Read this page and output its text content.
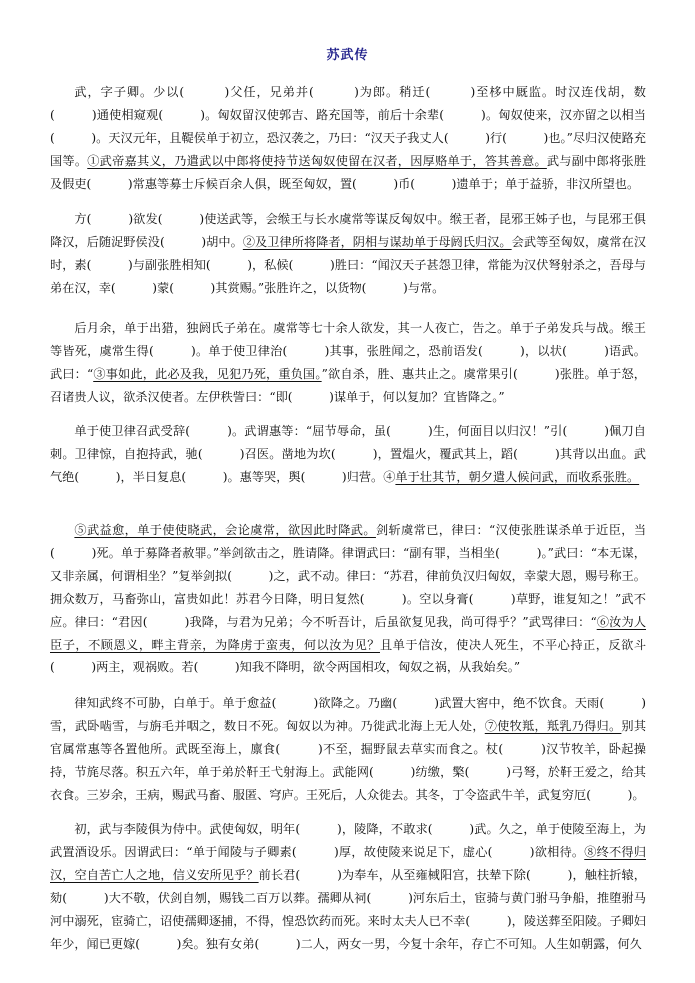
苏武传

武，字子卿。少以(　　　)父任，兄弟并(　　　)为郎。稍迁(　　　)至栘中厩监。时汉连伐胡，数(　　　)通使相窥观(　　　)。匈奴留汉使郭吉、路充国等，前后十余辈(　　　)。匈奴使来，汉亦留之以相当(　　　)。天汉元年，且鞮侯单于初立，恐汉袭之，乃曰：“汉天子我丈人(　　　)行(　　　)也。”尽归汉使路充国等。①武帝嘉其义，乃遣武以中郎将使持节送匈奴使留在汉者，因厚赂单于，答其善意。武与副中郎将张胜及假吏(　　　)常惠等募士斥候百余人俱，既至匈奴，置(　　　)币(　　　)遗单于；单于益骄，非汉所望也。

方(　　　)欲发(　　　)使送武等，会缑王与长水虞常等谋反匈奴中。缑王者，昆邪王姊子也，与昆邪王俱降汉，后随浞野侯没(　　　)胡中。②及卫律所将降者，阴相与谋劫单于母阏氏归汉。会武等至匈奴，虞常在汉时，素(　　　)与副张胜相知(　　　)，私候(　　　)胜曰：“闻汉天子甚怨卫律，常能为汉伏弩射杀之，吾母与弟在汉，幸(　　　)蒙(　　　)其赏赐。”张胜许之，以货物(　　　)与常。

后月余，单于出猎，独阏氏子弟在。虞常等七十余人欲发，其一人夜亡，告之。单于子弟发兵与战。缑王等皆死，虞常生得(　　　)。单于使卫律治(　　　)其事，张胜闻之，恐前语发(　　　)，以状(　　　)语武。武曰：“③事如此，此必及我，见犯乃死，重负国。”欲自杀，胜、惠共止之。虞常果引(　　　)张胜。单于怒，召诸贵人议，欲杀汉使者。左伊秩訾曰：“即(　　　)谋单于，何以复加？宜皆降之。”

单于使卫律召武受辞(　　　)。武谓惠等：“屈节辱命，虽(　　　)生，何面目以归汉！”引(　　　)佩刀自刺。卫律惊，自抱持武，驰(　　　)召医。凿地为坎(　　　)，置煴火，覆武其上，蹈(　　　)其背以出血。武气绝(　　　)，半日复息(　　　)。惠等哭，舆(　　　)归营。④单于壮其节，朝夕遣人候问武，而收系张胜。

⑤武益愈，单于使使晓武，会论虞常，欲因此时降武。剑斩虞常已，律曰：“汉使张胜谋杀单于近臣，当(　　　)死。单于募降者赦罪。”举剑欲击之，胜请降。律谓武曰：“副有罪，当相坐(　　　)。”武曰：“本无谋，又非亲属，何谓相坐？”复举剑拟(　　　)之，武不动。律曰：“苏君，律前负汉归匈奴，幸蒙大恩，赐号称王。拥众数万，马畜弥山，富贵如此！苏君今日降，明日复然(　　　)。空以身膏(　　　)草野，谁复知之！”武不应。律曰：“君因(　　　)我降，与君为兄弟；今不听吾计，后虽欲复见我，尚可得乎？”武骂律曰：“⑥汝为人臣子，不顾恩义，畔主背亲，为降虏于蛮夷，何以汝为见？且单于信汝，使决人死生，不平心持正，反欲斗(　　　)两主，观祸败。若(　　　)知我不降明，欲令两国相攻，匈奴之祸，从我始矣。”

律知武终不可胁，白单于。单于愈益(　　　)欲降之。乃幽(　　　)武置大窖中，绝不饮食。天雨(　　　)雪，武卧啮雪，与旃毛并咽之，数日不死。匈奴以为神。乃徙武北海上无人处，⑦使牧羝，羝乳乃得归。别其官属常惠等各置他所。武既至海上，廪食(　　　)不至，掘野鼠去草实而食之。杖(　　　)汉节牧羊，卧起操持，节旄尽落。积五六年，单于弟於靬王弋射海上。武能网(　　　)纺缴，檠(　　　)弓弩，於靬王爱之，给其衣食。三岁余，王病，赐武马畜、服匿、穹庐。王死后，人众徙去。其冬，丁令盗武牛羊，武复穷厄(　　　)。

初，武与李陵俱为侍中。武使匈奴，明年(　　　)，陵降，不敢求(　　　)武。久之，单于使陵至海上，为武置酒设乐。因谓武曰：“单于闻陵与子卿素(　　　)厚，故使陵来说足下，虚心(　　　)欲相待。⑧终不得归汉，空自苦亡人之地，信义安所见乎？前长君(　　　)为奉车，从至雍棫阳宫，扶辇下除(　　　)，触柱折辕，劾(　　　)大不敬，伏剑自刎，赐钱二百万以葬。孺卿从祠(　　　)河东后土，宦骑与黄门驸马争船，推堕驸马河中溺死，宦骑亡，诏使孺卿逐捕，不得，惶恐饮药而死。来时太夫人已不幸(　　　)，陵送葬至阳陵。子卿妇年少，闻已更嫁(　　　)矣。独有女弟(　　　)二人，两女一男，今复十余年，存亡不可知。人生如朝露，何久
